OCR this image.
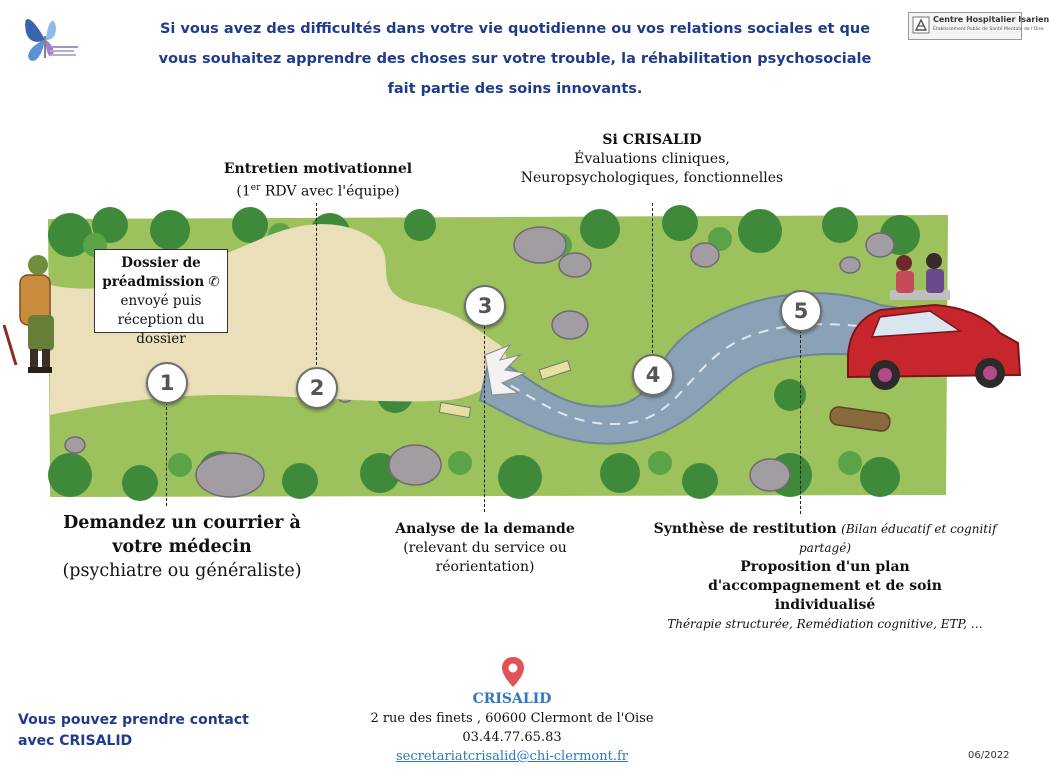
Centre Hospitalier Isarien
Établissement Public de Santé Mentale de l'Oise
Si vous avez des difficultés dans votre vie quotidienne ou vos relations sociales et que
vous souhaitez apprendre des choses sur votre trouble, la réhabilitation psychosociale
fait partie des soins innovants.
1	2
3
4
5
Dossier de préadmission ✆ envoyé puis réception du dossier
Entretien motivationnel (1er RDV avec l'équipe)
Si CRISALID
Évaluations cliniques,
Neuropsychologiques, fonctionnelles
Demandez un courrier à votre médecin (psychiatre ou généraliste)
Analyse de la demande
(relevant du service ou réorientation)
Synthèse de restitution (Bilan éducatif et cognitif partagé)
Proposition d'un plan d'accompagnement et de soin individualisé
Thérapie structurée, Remédiation cognitive, ETP, …
Vous pouvez prendre contact
avec CRISALID
CRISALID
2 rue des finets , 60600 Clermont de l'Oise
03.44.77.65.83
secretariatcrisalid@chi-clermont.fr	06/2022
